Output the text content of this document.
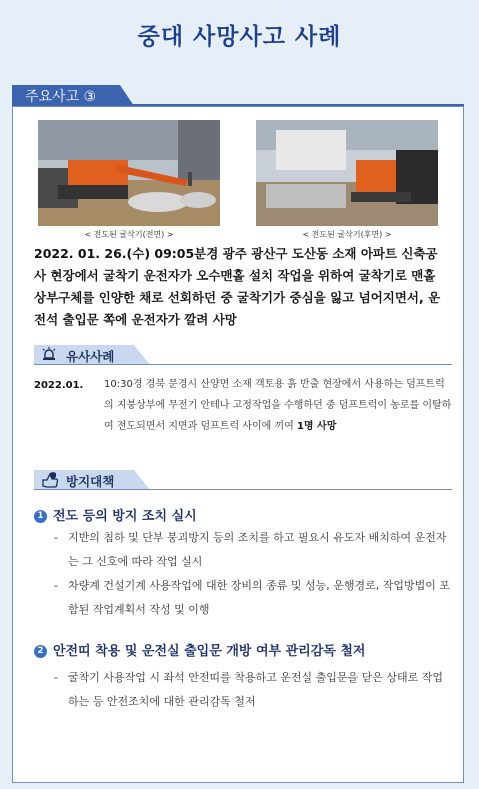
중대 사망사고 사례
주요사고 ③
< 전도된 굴삭기(전면) >	< 전도된 굴삭기(후면) >
2022. 01. 26.(수) 09:05분경 광주 광산구 도산동 소재 아파트 신축공사 현장에서 굴착기 운전자가 오수맨홀 설치 작업을 위하여 굴착기로 맨홀 상부구체를 인양한 채로 선회하던 중 굴착기가 중심을 잃고 넘어지면서, 운전석 출입문 쪽에 운전자가 깔려 사망
유사사례
2022.01. 10:30경 경북 문경시 산양면 소재 객토용 흙 반출 현장에서 사용하는 덤프트럭의 지붕상부에 무전기 안테나 고정작업을 수행하던 중 덤프트럭이 농로를 이탈하여 전도되면서 지면과 덤프트럭 사이에 끼여 1명 사망
방지대책
1 전도 등의 방지 조치 실시
- 지반의 침하 및 단부 붕괴방지 등의 조치를 하고 필요시 유도자 배치하여 운전자는 그 신호에 따라 작업 실시
- 차량계 건설기계 사용작업에 대한 장비의 종류 및 성능, 운행경로, 작업방법이 포함된 작업계획서 작성 및 이행
2 안전띠 착용 및 운전실 출입문 개방 여부 관리감독 철저
- 굴착기 사용작업 시 좌석 안전띠를 착용하고 운전실 출입문을 닫은 상태로 작업하는 등 안전조치에 대한 관리감독 철저
